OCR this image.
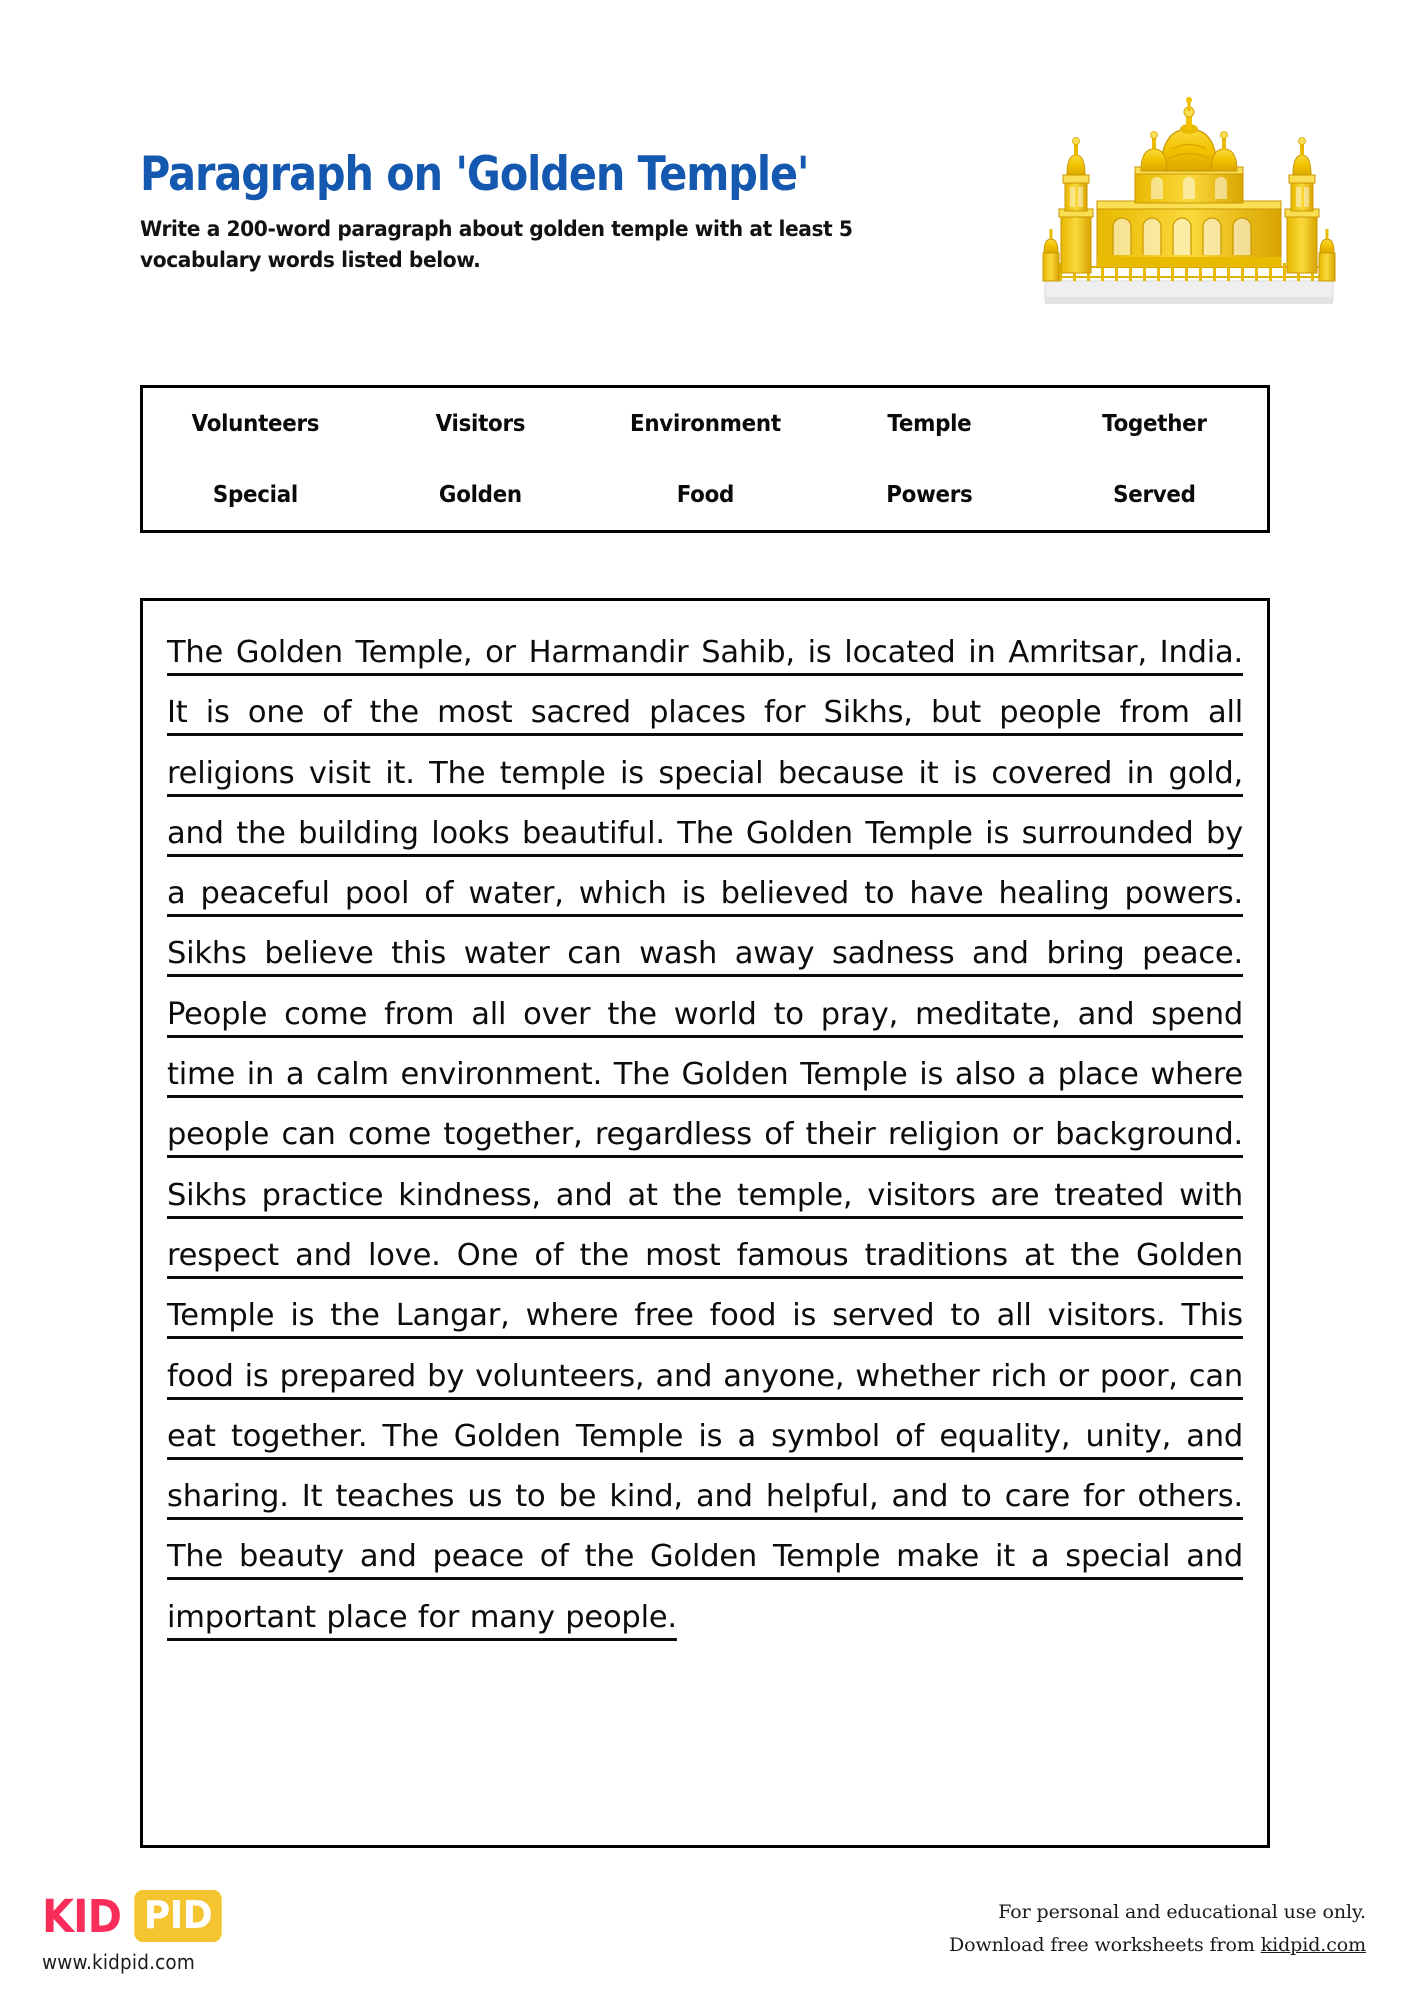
Paragraph on 'Golden Temple'
Write a 200-word paragraph about golden temple with at least 5 vocabulary words listed below.
Volunteers	Visitors	Environment	Temple	Together
Special	Golden	Food	Powers	Served
The Golden Temple, or Harmandir Sahib, is located in Amritsar, India. It is one of the most sacred places for Sikhs, but people from all religions visit it. The temple is special because it is covered in gold, and the building looks beautiful. The Golden Temple is surrounded by a peaceful pool of water, which is believed to have healing powers. Sikhs believe this water can wash away sadness and bring peace. People come from all over the world to pray, meditate, and spend time in a calm environment. The Golden Temple is also a place where people can come together, regardless of their religion or background. Sikhs practice kindness, and at the temple, visitors are treated with respect and love. One of the most famous traditions at the Golden Temple is the Langar, where free food is served to all visitors. This food is prepared by volunteers, and anyone, whether rich or poor, can eat together. The Golden Temple is a symbol of equality, unity, and sharing. It teaches us to be kind, and helpful, and to care for others. The beauty and peace of the Golden Temple make it a special and important place for many people.
KID PID
www.kidpid.com
For personal and educational use only.
Download free worksheets from kidpid.com
